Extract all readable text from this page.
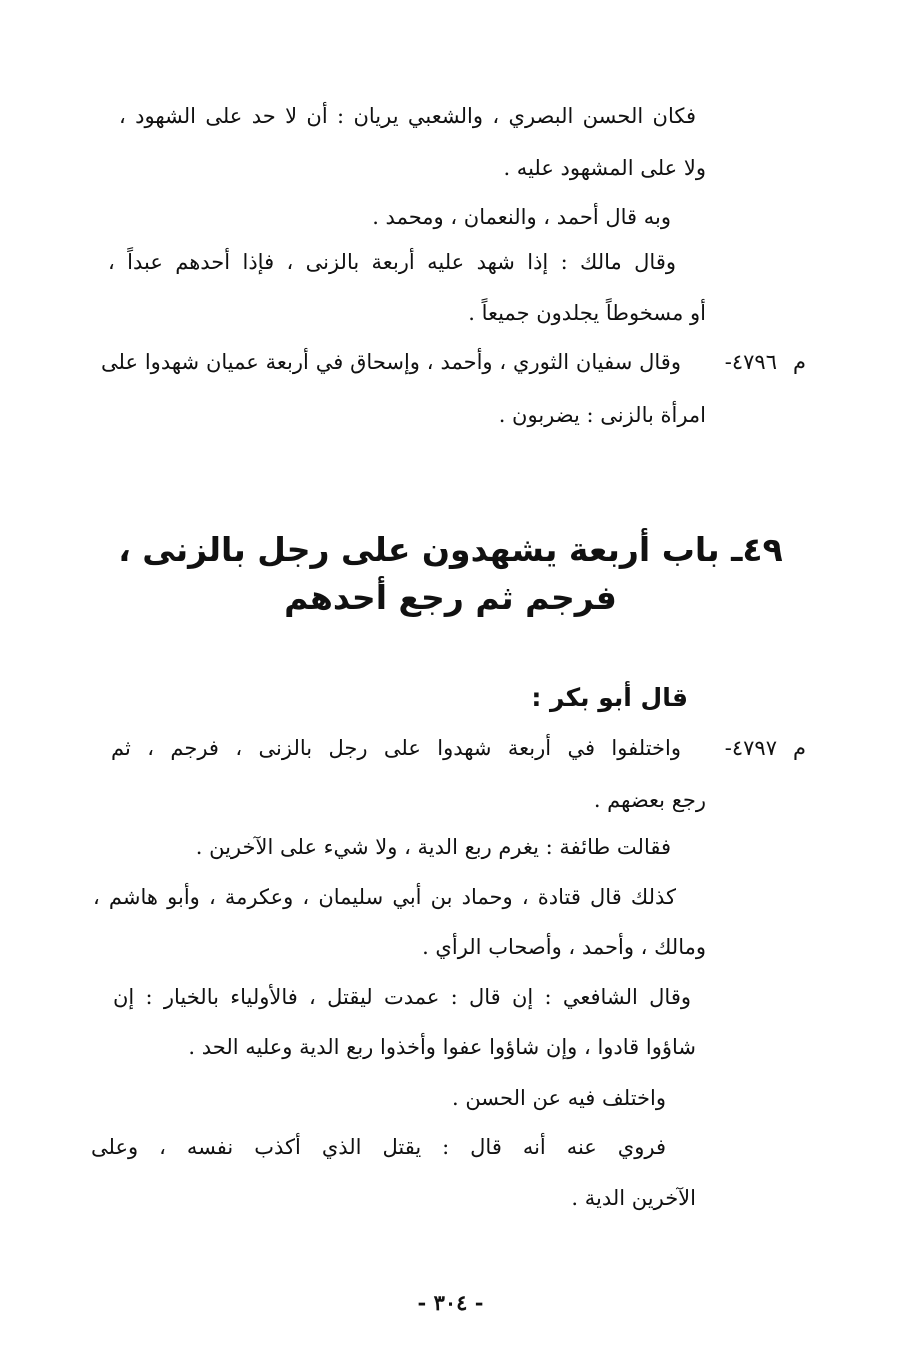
فكان الحسن البصري ، والشعبي يريان : أن لا حد على الشهود ،
ولا على المشهود عليه .
وبه قال أحمد ، والنعمان ، ومحمد .
وقال مالك : إذا شهد عليه أربعة بالزنى ، فإذا أحدهم عبداً ،
أو مسخوطاً يجلدون جميعاً .
م
٤٧٩٦-
وقال سفيان الثوري ، وأحمد ، وإسحاق في أربعة عميان شهدوا على
امرأة بالزنى : يضربون .
٤٩ـ باب أربعة يشهدون على رجل بالزنى ،
فرجم ثم رجع أحدهم
قال أبو بكر :
م
٤٧٩٧-
واختلفوا في أربعة شهدوا على رجل بالزنى ، فرجم ، ثم
رجع بعضهم .
فقالت طائفة : يغرم ربع الدية ، ولا شيء على الآخرين .
كذلك قال قتادة ، وحماد بن أبي سليمان ، وعكرمة ، وأبو هاشم ،
ومالك ، وأحمد ، وأصحاب الرأي .
وقال الشافعي : إن قال : عمدت ليقتل ، فالأولياء بالخيار : إن
شاؤوا قادوا ، وإن شاؤوا عفوا وأخذوا ربع الدية وعليه الحد .
واختلف فيه عن الحسن .
فروي عنه أنه قال : يقتل الذي أكذب نفسه ، وعلى
الآخرين الدية .
- ٣٠٤ -
